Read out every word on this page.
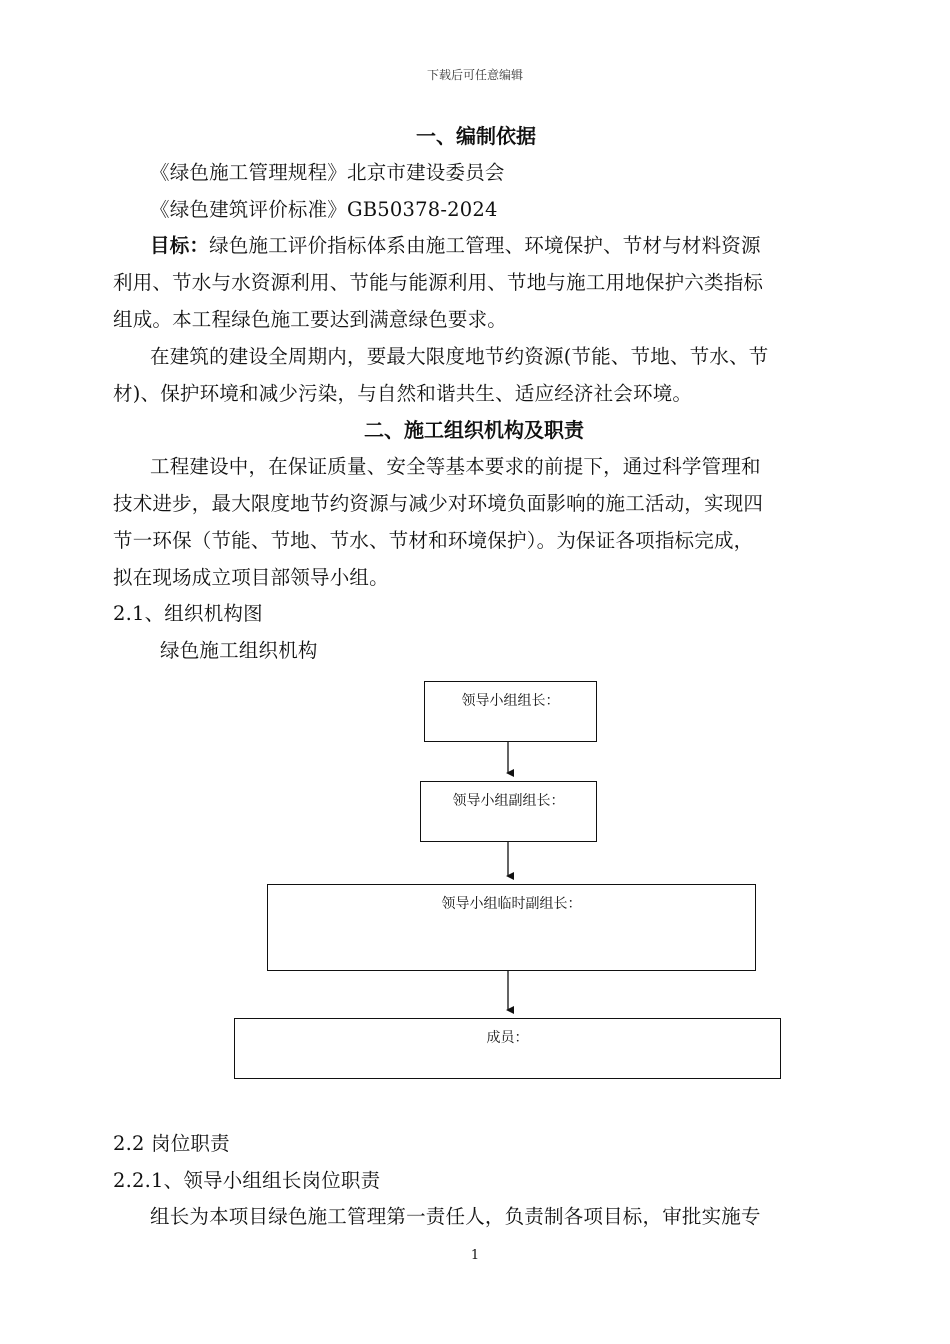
下载后可任意编辑
一、编制依据
《绿色施工管理规程》北京市建设委员会
《绿色建筑评价标准》GB50378-2024
目标：绿色施工评价指标体系由施工管理、环境保护、节材与材料资源
利用、节水与水资源利用、节能与能源利用、节地与施工用地保护六类指标
组成。本工程绿色施工要达到满意绿色要求。
在建筑的建设全周期内，要最大限度地节约资源(节能、节地、节水、节
材)、保护环境和减少污染，与自然和谐共生、适应经济社会环境。
二、施工组织机构及职责
工程建设中，在保证质量、安全等基本要求的前提下，通过科学管理和
技术进步，最大限度地节约资源与减少对环境负面影响的施工活动，实现四
节一环保（节能、节地、节水、节材和环境保护）。为保证各项指标完成，
拟在现场成立项目部领导小组。
2.1、组织机构图
绿色施工组织机构
领导小组组长：
领导小组副组长：
领导小组临时副组长：
成员：
2.2 岗位职责
2.2.1、领导小组组长岗位职责
组长为本项目绿色施工管理第一责任人，负责制各项目标，审批实施专
1
